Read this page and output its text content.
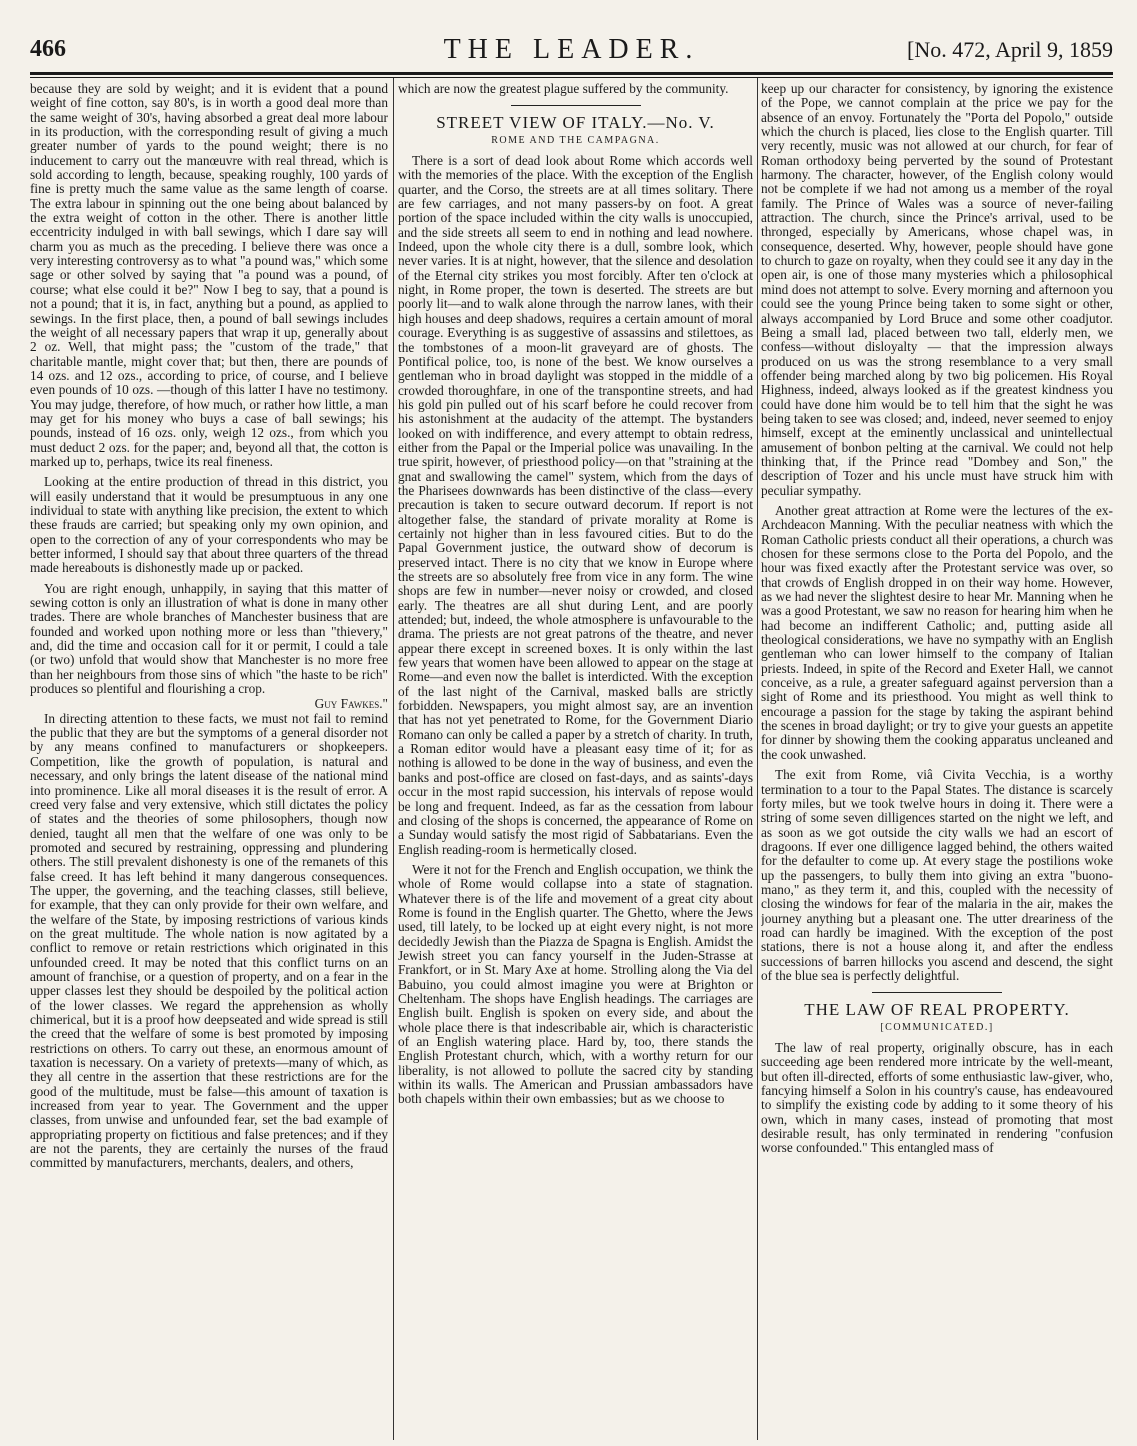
466	THE LEADER.	[No. 472, April 9, 1859

because they are sold by weight; and it is evident that a pound weight of fine cotton, say 80's, is in worth a good deal more than the same weight of 30's, having absorbed a great deal more labour in its production, with the corresponding result of giving a much greater number of yards to the pound weight; there is no inducement to carry out the manœuvre with real thread, which is sold according to length, because, speaking roughly, 100 yards of fine is pretty much the same value as the same length of coarse. The extra labour in spinning out the one being about balanced by the extra weight of cotton in the other. There is another little eccentricity indulged in with ball sewings, which I dare say will charm you as much as the preceding. I believe there was once a very interesting controversy as to what "a pound was," which some sage or other solved by saying that "a pound was a pound, of course; what else could it be?" Now I beg to say, that a pound is not a pound; that it is, in fact, anything but a pound, as applied to sewings. In the first place, then, a pound of ball sewings includes the weight of all necessary papers that wrap it up, generally about 2 oz. Well, that might pass; the "custom of the trade," that charitable mantle, might cover that; but then, there are pounds of 14 ozs. and 12 ozs., according to price, of course, and I believe even pounds of 10 ozs. —though of this latter I have no testimony. You may judge, therefore, of how much, or rather how little, a man may get for his money who buys a case of ball sewings; his pounds, instead of 16 ozs. only, weigh 12 ozs., from which you must deduct 2 ozs. for the paper; and, beyond all that, the cotton is marked up to, perhaps, twice its real fineness.

Looking at the entire production of thread in this district, you will easily understand that it would be presumptuous in any one individual to state with anything like precision, the extent to which these frauds are carried; but speaking only my own opinion, and open to the correction of any of your correspondents who may be better informed, I should say that about three quarters of the thread made hereabouts is dishonestly made up or packed.

You are right enough, unhappily, in saying that this matter of sewing cotton is only an illustration of what is done in many other trades. There are whole branches of Manchester business that are founded and worked upon nothing more or less than "thievery," and, did the time and occasion call for it or permit, I could a tale (or two) unfold that would show that Manchester is no more free than her neighbours from those sins of which "the haste to be rich" produces so plentiful and flourishing a crop.

Guy Fawkes."

In directing attention to these facts, we must not fail to remind the public that they are but the symptoms of a general disorder not by any means confined to manufacturers or shopkeepers. Competition, like the growth of population, is natural and necessary, and only brings the latent disease of the national mind into prominence. Like all moral diseases it is the result of error. A creed very false and very extensive, which still dictates the policy of states and the theories of some philosophers, though now denied, taught all men that the welfare of one was only to be promoted and secured by restraining, oppressing and plundering others. The still prevalent dishonesty is one of the remanets of this false creed. It has left behind it many dangerous consequences. The upper, the governing, and the teaching classes, still believe, for example, that they can only provide for their own welfare, and the welfare of the State, by imposing restrictions of various kinds on the great multitude. The whole nation is now agitated by a conflict to remove or retain restrictions which originated in this unfounded creed. It may be noted that this conflict turns on an amount of franchise, or a question of property, and on a fear in the upper classes lest they should be despoiled by the political action of the lower classes. We regard the apprehension as wholly chimerical, but it is a proof how deepseated and wide spread is still the creed that the welfare of some is best promoted by imposing restrictions on others. To carry out these, an enormous amount of taxation is necessary. On a variety of pretexts—many of which, as they all centre in the assertion that these restrictions are for the good of the multitude, must be false—this amount of taxation is increased from year to year. The Government and the upper classes, from unwise and unfounded fear, set the bad example of appropriating property on fictitious and false pretences; and if they are not the parents, they are certainly the nurses of the fraud committed by manufacturers, merchants, dealers, and others,

which are now the greatest plague suffered by the community.

STREET VIEW OF ITALY.—No. V.
ROME AND THE CAMPAGNA.

There is a sort of dead look about Rome which accords well with the memories of the place. With the exception of the English quarter, and the Corso, the streets are at all times solitary. There are few carriages, and not many passers-by on foot. A great portion of the space included within the city walls is unoccupied, and the side streets all seem to end in nothing and lead nowhere. Indeed, upon the whole city there is a dull, sombre look, which never varies. It is at night, however, that the silence and desolation of the Eternal city strikes you most forcibly. After ten o'clock at night, in Rome proper, the town is deserted. The streets are but poorly lit—and to walk alone through the narrow lanes, with their high houses and deep shadows, requires a certain amount of moral courage. Everything is as suggestive of assassins and stilettoes, as the tombstones of a moon-lit graveyard are of ghosts. The Pontifical police, too, is none of the best. We know ourselves a gentleman who in broad daylight was stopped in the middle of a crowded thoroughfare, in one of the transpontine streets, and had his gold pin pulled out of his scarf before he could recover from his astonishment at the audacity of the attempt. The bystanders looked on with indifference, and every attempt to obtain redress, either from the Papal or the Imperial police was unavailing. In the true spirit, however, of priesthood policy—on that "straining at the gnat and swallowing the camel" system, which from the days of the Pharisees downwards has been distinctive of the class—every precaution is taken to secure outward decorum. If report is not altogether false, the standard of private morality at Rome is certainly not higher than in less favoured cities. But to do the Papal Government justice, the outward show of decorum is preserved intact. There is no city that we know in Europe where the streets are so absolutely free from vice in any form. The wine shops are few in number—never noisy or crowded, and closed early. The theatres are all shut during Lent, and are poorly attended; but, indeed, the whole atmosphere is unfavourable to the drama. The priests are not great patrons of the theatre, and never appear there except in screened boxes. It is only within the last few years that women have been allowed to appear on the stage at Rome—and even now the ballet is interdicted. With the exception of the last night of the Carnival, masked balls are strictly forbidden. Newspapers, you might almost say, are an invention that has not yet penetrated to Rome, for the Government Diario Romano can only be called a paper by a stretch of charity. In truth, a Roman editor would have a pleasant easy time of it; for as nothing is allowed to be done in the way of business, and even the banks and post-office are closed on fast-days, and as saints'-days occur in the most rapid succession, his intervals of repose would be long and frequent. Indeed, as far as the cessation from labour and closing of the shops is concerned, the appearance of Rome on a Sunday would satisfy the most rigid of Sabbatarians. Even the English reading-room is hermetically closed.

Were it not for the French and English occupation, we think the whole of Rome would collapse into a state of stagnation. Whatever there is of the life and movement of a great city about Rome is found in the English quarter. The Ghetto, where the Jews used, till lately, to be locked up at eight every night, is not more decidedly Jewish than the Piazza de Spagna is English. Amidst the Jewish street you can fancy yourself in the Juden-Strasse at Frankfort, or in St. Mary Axe at home. Strolling along the Via del Babuino, you could almost imagine you were at Brighton or Cheltenham. The shops have English headings. The carriages are English built. English is spoken on every side, and about the whole place there is that indescribable air, which is characteristic of an English watering place. Hard by, too, there stands the English Protestant church, which, with a worthy return for our liberality, is not allowed to pollute the sacred city by standing within its walls. The American and Prussian ambassadors have both chapels within their own embassies; but as we choose to

keep up our character for consistency, by ignoring the existence of the Pope, we cannot complain at the price we pay for the absence of an envoy. Fortunately the "Porta del Popolo," outside which the church is placed, lies close to the English quarter. Till very recently, music was not allowed at our church, for fear of Roman orthodoxy being perverted by the sound of Protestant harmony. The character, however, of the English colony would not be complete if we had not among us a member of the royal family. The Prince of Wales was a source of never-failing attraction. The church, since the Prince's arrival, used to be thronged, especially by Americans, whose chapel was, in consequence, deserted. Why, however, people should have gone to church to gaze on royalty, when they could see it any day in the open air, is one of those many mysteries which a philosophical mind does not attempt to solve. Every morning and afternoon you could see the young Prince being taken to some sight or other, always accompanied by Lord Bruce and some other coadjutor. Being a small lad, placed between two tall, elderly men, we confess—without disloyalty — that the impression always produced on us was the strong resemblance to a very small offender being marched along by two big policemen. His Royal Highness, indeed, always looked as if the greatest kindness you could have done him would be to tell him that the sight he was being taken to see was closed; and, indeed, never seemed to enjoy himself, except at the eminently unclassical and unintellectual amusement of bonbon pelting at the carnival. We could not help thinking that, if the Prince read "Dombey and Son," the description of Tozer and his uncle must have struck him with peculiar sympathy.

Another great attraction at Rome were the lectures of the ex-Archdeacon Manning. With the peculiar neatness with which the Roman Catholic priests conduct all their operations, a church was chosen for these sermons close to the Porta del Popolo, and the hour was fixed exactly after the Protestant service was over, so that crowds of English dropped in on their way home. However, as we had never the slightest desire to hear Mr. Manning when he was a good Protestant, we saw no reason for hearing him when he had become an indifferent Catholic; and, putting aside all theological considerations, we have no sympathy with an English gentleman who can lower himself to the company of Italian priests. Indeed, in spite of the Record and Exeter Hall, we cannot conceive, as a rule, a greater safeguard against perversion than a sight of Rome and its priesthood. You might as well think to encourage a passion for the stage by taking the aspirant behind the scenes in broad daylight; or try to give your guests an appetite for dinner by showing them the cooking apparatus uncleaned and the cook unwashed.

The exit from Rome, viâ Civita Vecchia, is a worthy termination to a tour to the Papal States. The distance is scarcely forty miles, but we took twelve hours in doing it. There were a string of some seven dilligences started on the night we left, and as soon as we got outside the city walls we had an escort of dragoons. If ever one dilligence lagged behind, the others waited for the defaulter to come up. At every stage the postilions woke up the passengers, to bully them into giving an extra "buono-mano," as they term it, and this, coupled with the necessity of closing the windows for fear of the malaria in the air, makes the journey anything but a pleasant one. The utter dreariness of the road can hardly be imagined. With the exception of the post stations, there is not a house along it, and after the endless successions of barren hillocks you ascend and descend, the sight of the blue sea is perfectly delightful.

THE LAW OF REAL PROPERTY.
[COMMUNICATED.]

The law of real property, originally obscure, has in each succeeding age been rendered more intricate by the well-meant, but often ill-directed, efforts of some enthusiastic law-giver, who, fancying himself a Solon in his country's cause, has endeavoured to simplify the existing code by adding to it some theory of his own, which in many cases, instead of promoting that most desirable result, has only terminated in rendering "confusion worse confounded." This entangled mass of
